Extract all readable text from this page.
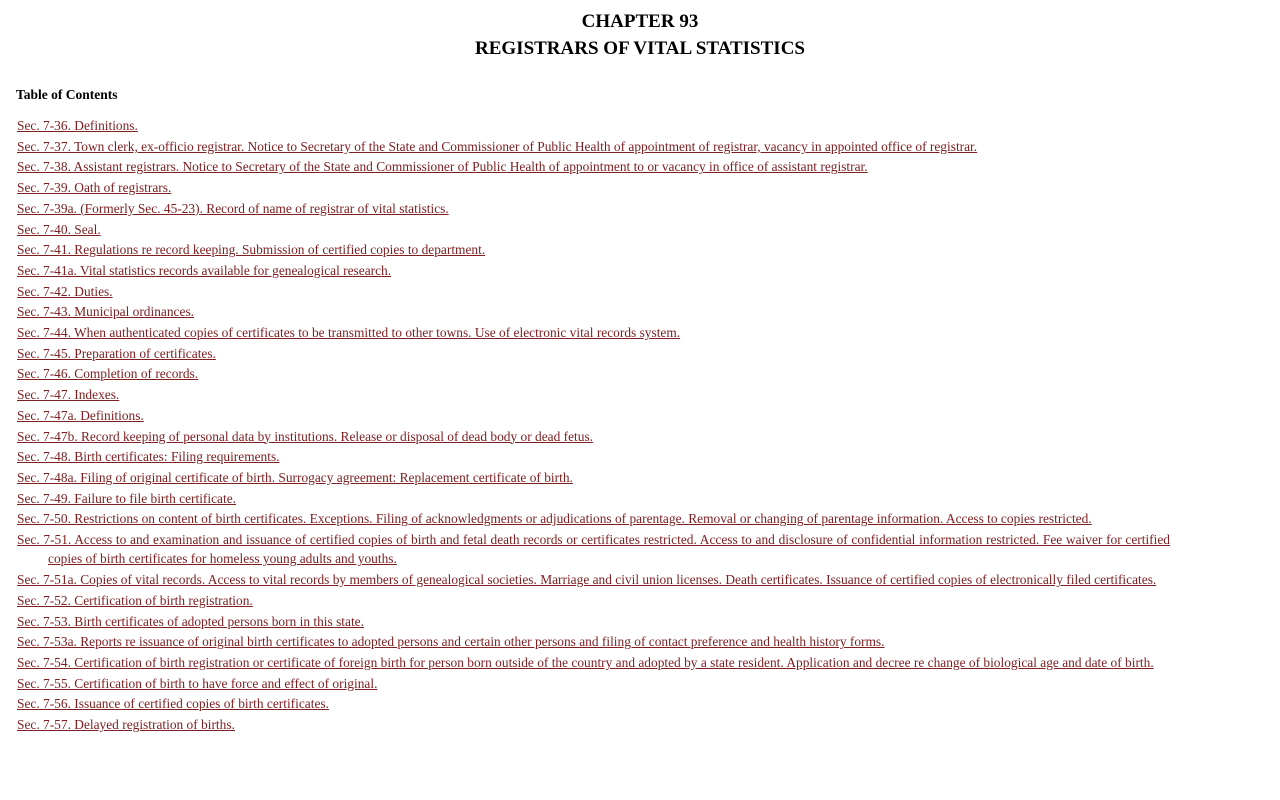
CHAPTER 93
REGISTRARS OF VITAL STATISTICS

Table of Contents

Sec. 7-36. Definitions.

Sec. 7-37. Town clerk, ex-officio registrar. Notice to Secretary of the State and Commissioner of Public Health of appointment of registrar, vacancy in appointed office of registrar.

Sec. 7-38. Assistant registrars. Notice to Secretary of the State and Commissioner of Public Health of appointment to or vacancy in office of assistant registrar.

Sec. 7-39. Oath of registrars.

Sec. 7-39a. (Formerly Sec. 45-23). Record of name of registrar of vital statistics.

Sec. 7-40. Seal.

Sec. 7-41. Regulations re record keeping. Submission of certified copies to department.

Sec. 7-41a. Vital statistics records available for genealogical research.

Sec. 7-42. Duties.

Sec. 7-43. Municipal ordinances.

Sec. 7-44. When authenticated copies of certificates to be transmitted to other towns. Use of electronic vital records system.

Sec. 7-45. Preparation of certificates.

Sec. 7-46. Completion of records.

Sec. 7-47. Indexes.

Sec. 7-47a. Definitions.

Sec. 7-47b. Record keeping of personal data by institutions. Release or disposal of dead body or dead fetus.

Sec. 7-48. Birth certificates: Filing requirements.

Sec. 7-48a. Filing of original certificate of birth. Surrogacy agreement: Replacement certificate of birth.

Sec. 7-49. Failure to file birth certificate.

Sec. 7-50. Restrictions on content of birth certificates. Exceptions. Filing of acknowledgments or adjudications of parentage. Removal or changing of parentage information. Access to copies restricted.

Sec. 7-51. Access to and examination and issuance of certified copies of birth and fetal death records or certificates restricted. Access to and disclosure of confidential information restricted. Fee waiver for certified copies of birth certificates for homeless young adults and youths.

Sec. 7-51a. Copies of vital records. Access to vital records by members of genealogical societies. Marriage and civil union licenses. Death certificates. Issuance of certified copies of electronically filed certificates.

Sec. 7-52. Certification of birth registration.

Sec. 7-53. Birth certificates of adopted persons born in this state.

Sec. 7-53a. Reports re issuance of original birth certificates to adopted persons and certain other persons and filing of contact preference and health history forms.

Sec. 7-54. Certification of birth registration or certificate of foreign birth for person born outside of the country and adopted by a state resident. Application and decree re change of biological age and date of birth.

Sec. 7-55. Certification of birth to have force and effect of original.

Sec. 7-56. Issuance of certified copies of birth certificates.

Sec. 7-57. Delayed registration of births.
